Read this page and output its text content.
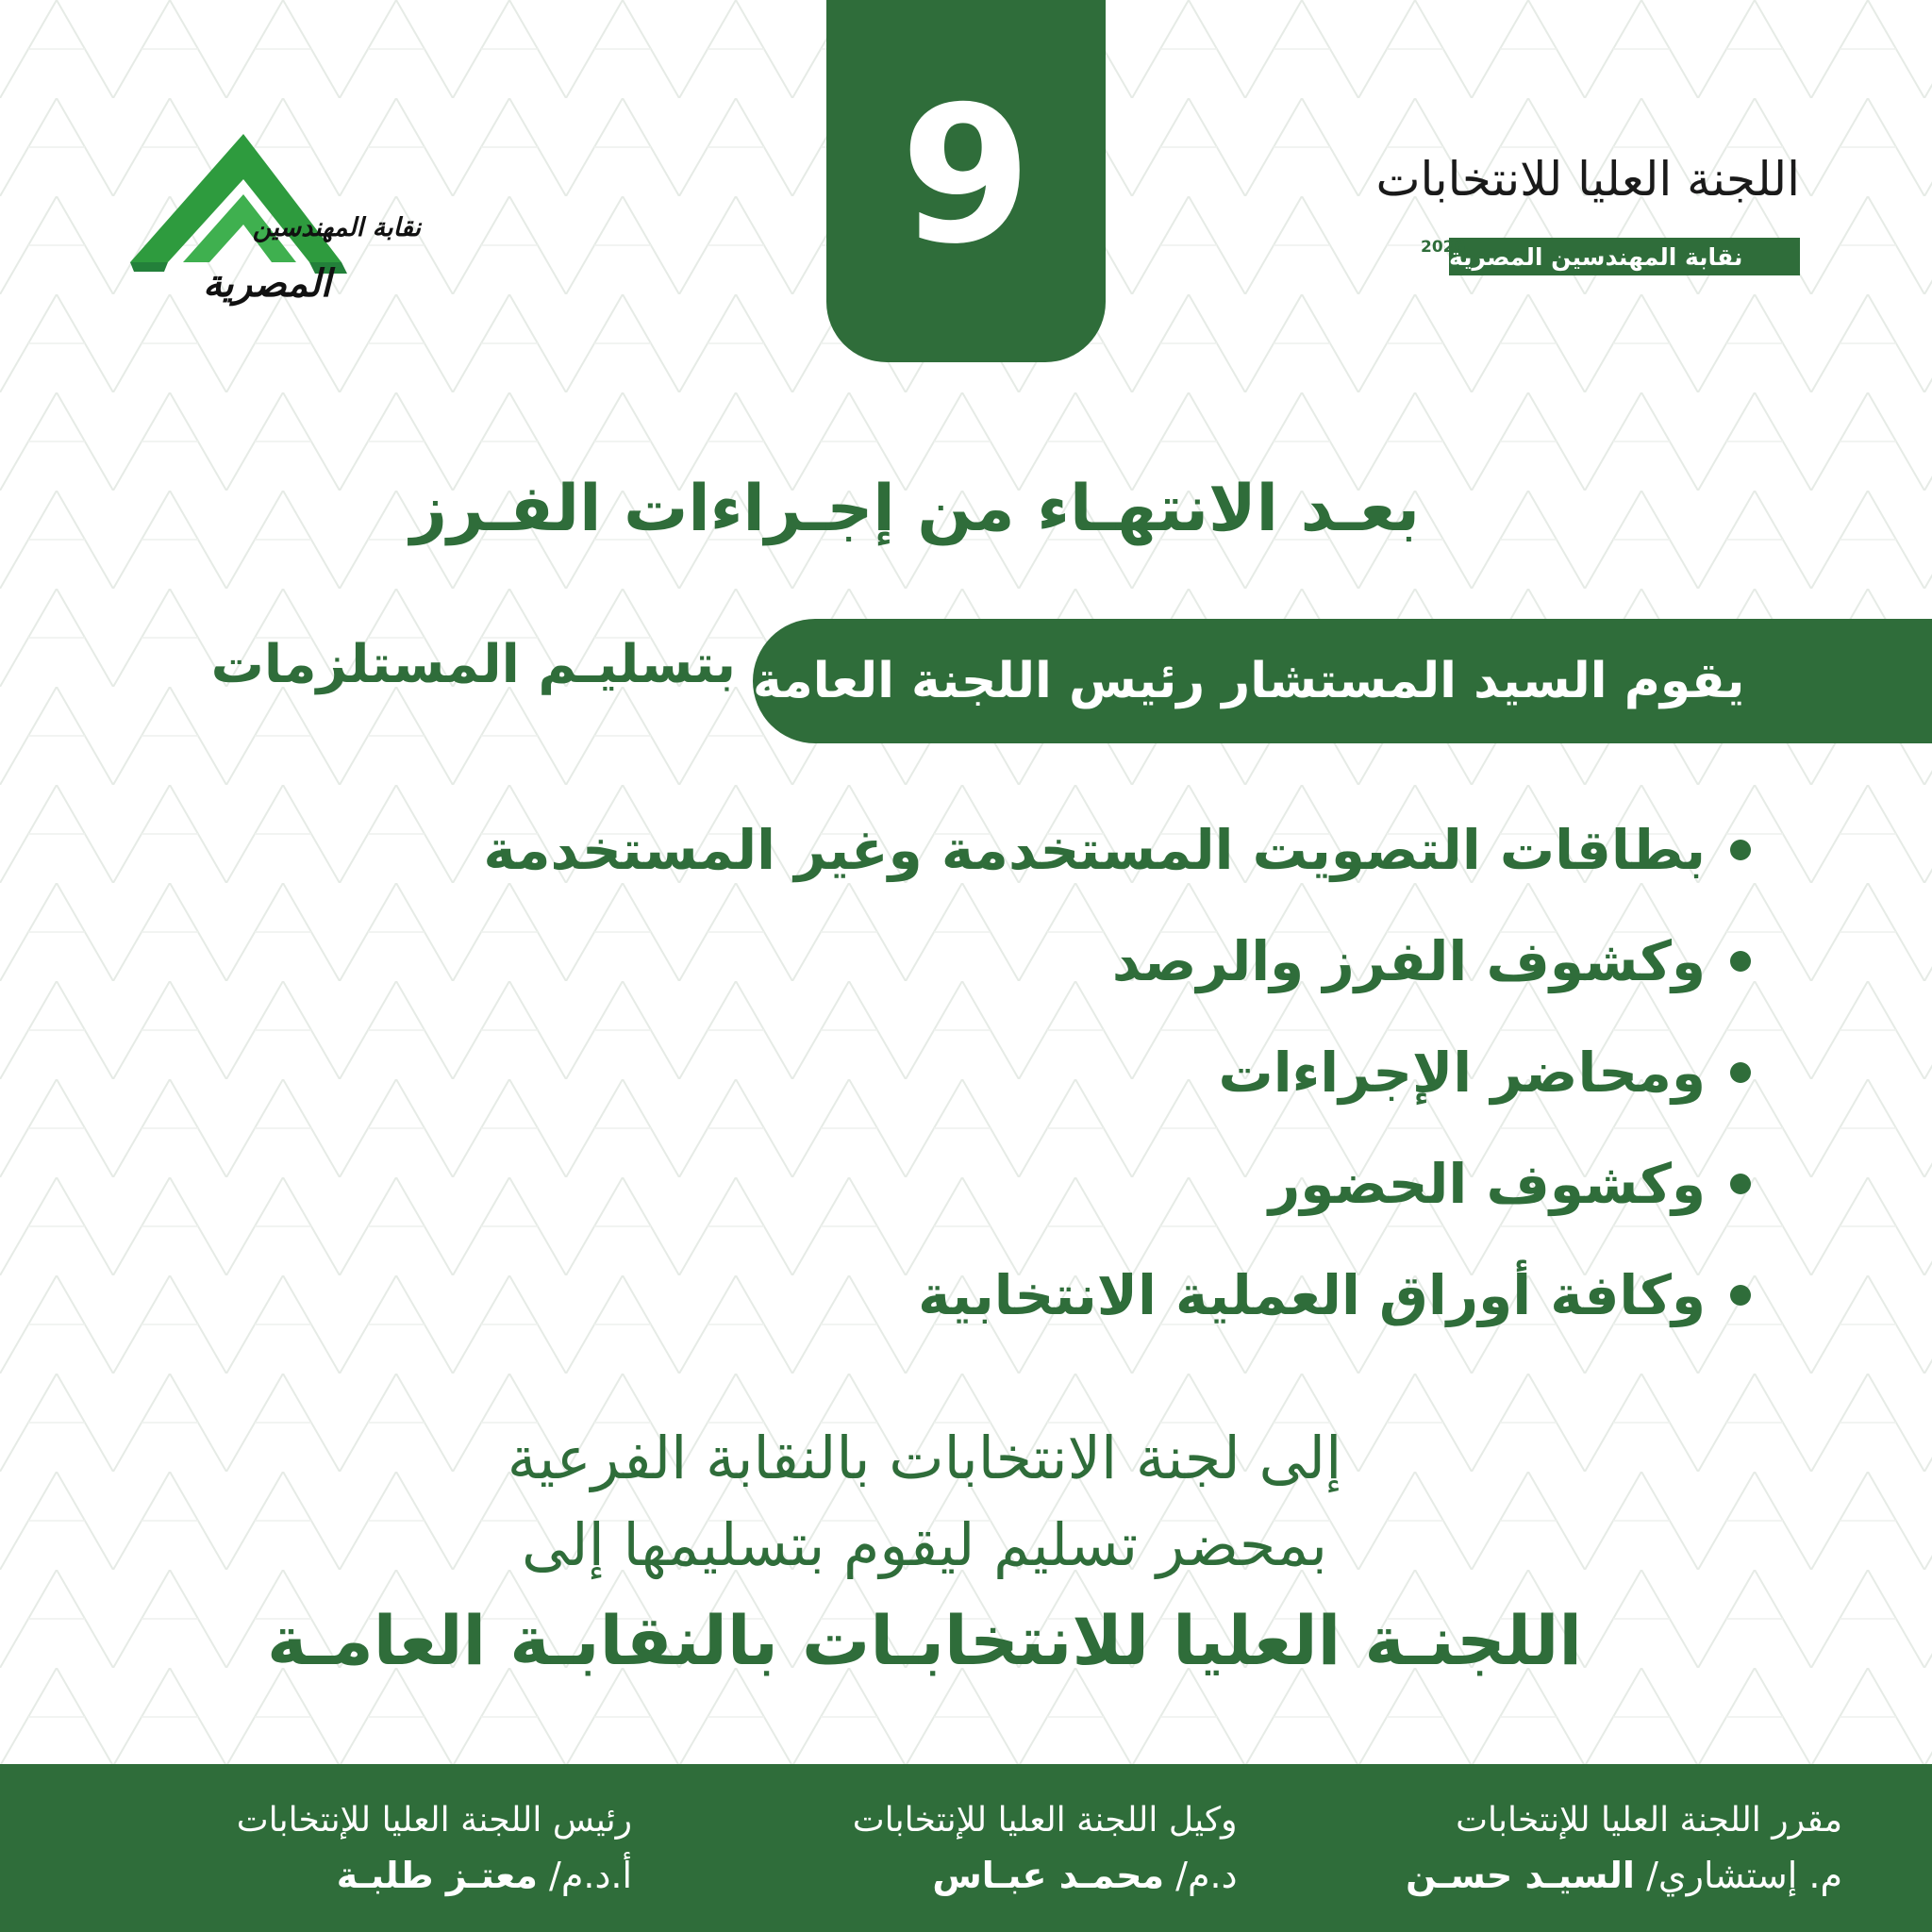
9
نقابة المهندسين
المصرية
اللجنة العليا للانتخابات
نقابة المهندسين المصرية
2026
بعـد الانتهـاء من إجـراءات الفـرز
يقوم السيد المستشار رئيس اللجنة العامة
بتسليـم المستلزمات
بطاقات التصويت المستخدمة وغير المستخدمة
وكشوف الفرز والرصد
ومحاضر الإجراءات
وكشوف الحضور
وكافة أوراق العملية الانتخابية
إلى لجنة الانتخابات بالنقابة الفرعية
بمحضر تسليم ليقوم بتسليمها إلى
اللجنـة العليا للانتخابـات بالنقابـة العامـة
مقرر اللجنة العليا للإنتخابات
م. إستشاري/ السيـد حسـن
وكيل اللجنة العليا للإنتخابات
د.م/ محمـد عبـاس
رئيس اللجنة العليا للإنتخابات
أ.د.م/ معتـز طلبـة
